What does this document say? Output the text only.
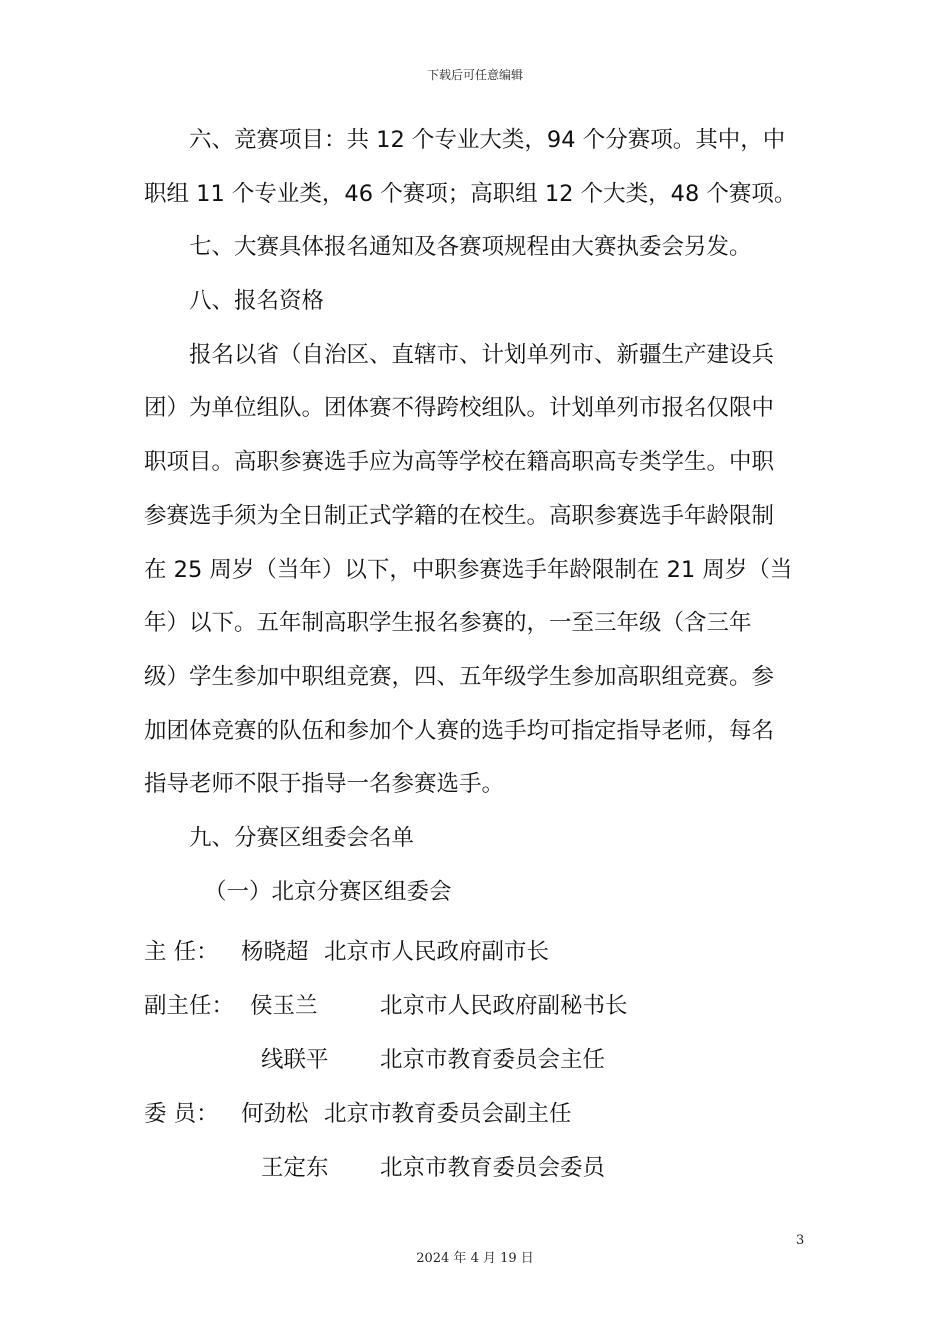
下载后可任意编辑
六、竞赛项目：共 12 个专业大类，94 个分赛项。其中，中
职组 11 个专业类，46 个赛项；高职组 12 个大类，48 个赛项。
七、大赛具体报名通知及各赛项规程由大赛执委会另发。
八、报名资格
报名以省（自治区、直辖市、计划单列市、新疆生产建设兵
团）为单位组队。团体赛不得跨校组队。计划单列市报名仅限中
职项目。高职参赛选手应为高等学校在籍高职高专类学生。中职
参赛选手须为全日制正式学籍的在校生。高职参赛选手年龄限制
在 25 周岁（当年）以下，中职参赛选手年龄限制在 21 周岁（当
年）以下。五年制高职学生报名参赛的，一至三年级（含三年
级）学生参加中职组竞赛，四、五年级学生参加高职组竞赛。参
加团体竞赛的队伍和参加个人赛的选手均可指定指导老师，每名
指导老师不限于指导一名参赛选手。
九、分赛区组委会名单
（一）北京分赛区组委会
主 任： 杨晓超 北京市人民政府副市长
副主任： 侯玉兰	北京市人民政府副秘书长
线联平 北京市教育委员会主任
委 员： 何劲松 北京市教育委员会副主任
王定东 北京市教育委员会委员
3
2024 年 4 月 19 日
